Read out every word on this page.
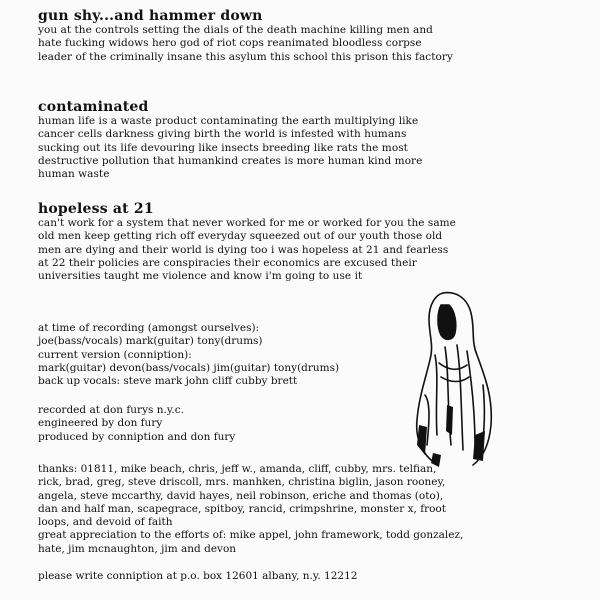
gun shy...and hammer down
you at the controls setting the dials of the death machine killing men and
hate fucking widows hero god of riot cops reanimated bloodless corpse
leader of the criminally insane this asylum this school this prison this factory
contaminated
human life is a waste product contaminating the earth multiplying like
cancer cells darkness giving birth the world is infested with humans
sucking out its life devouring like insects breeding like rats the most
destructive pollution that humankind creates is more human kind more
human waste
hopeless at 21
can't work for a system that never worked for me or worked for you the same
old men keep getting rich off everyday squeezed out of our youth those old
men are dying and their world is dying too i was hopeless at 21 and fearless
at 22 their policies are conspiracies their economics are excused their
universities taught me violence and know i'm going to use it
at time of recording (amongst ourselves):
joe(bass/vocals) mark(guitar) tony(drums)
current version (conniption):
mark(guitar) devon(bass/vocals) jim(guitar) tony(drums)
back up vocals: steve mark john cliff cubby brett
recorded at don furys n.y.c.
engineered by don fury
produced by conniption and don fury
thanks: 01811, mike beach, chris, jeff w., amanda, cliff, cubby, mrs. telfian,
rick, brad, greg, steve driscoll, mrs. manhken, christina biglin, jason rooney,
angela, steve mccarthy, david hayes, neil robinson, eriche and thomas (oto),
dan and half man, scapegrace, spitboy, rancid, crimpshrine, monster x, froot
loops, and devoid of faith
great appreciation to the efforts of: mike appel, john framework, todd gonzalez,
hate, jim mcnaughton, jim and devon
please write conniption at p.o. box 12601 albany, n.y. 12212
